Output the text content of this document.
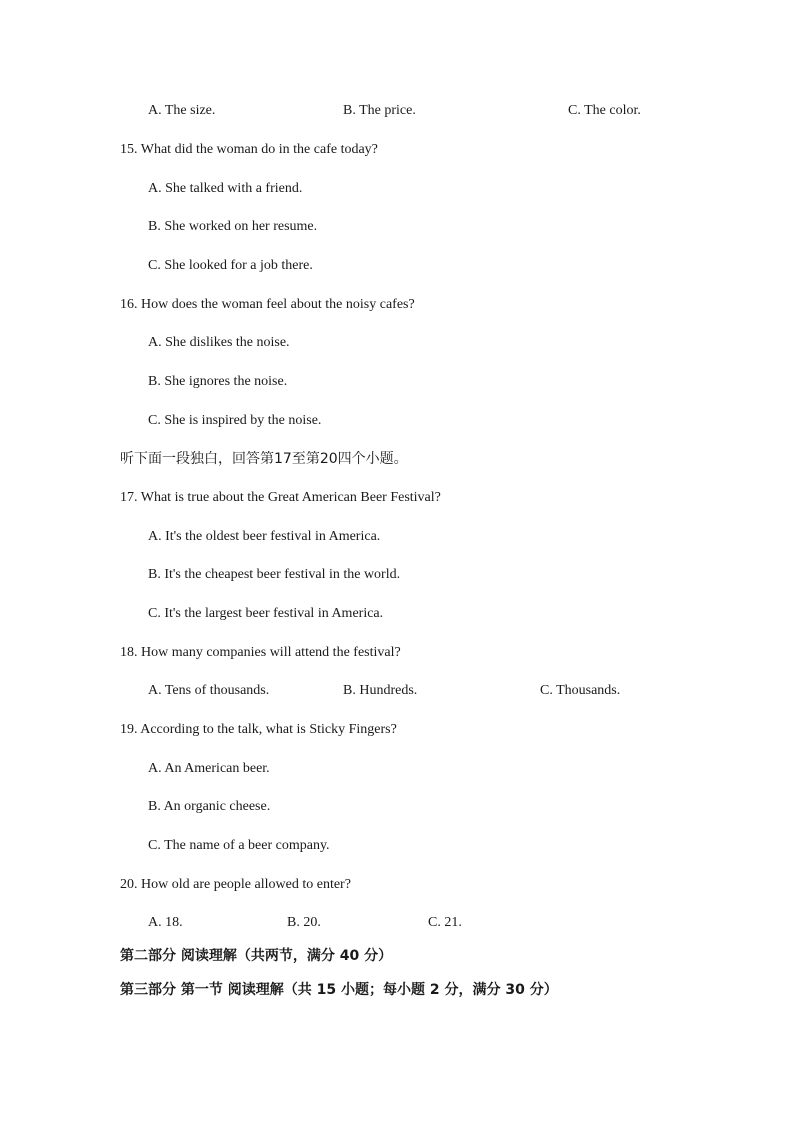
A. The size.	B. The price.	C. The color.
15. What did the woman do in the cafe today?
A. She talked with a friend.
B. She worked on her resume.
C. She looked for a job there.
16. How does the woman feel about the noisy cafes?
A. She dislikes the noise.
B. She ignores the noise.
C. She is inspired by the noise.
听下面一段独白，回答第17至第20四个小题。
17. What is true about the Great American Beer Festival?
A. It's the oldest beer festival in America.
B. It's the cheapest beer festival in the world.
C. It's the largest beer festival in America.
18. How many companies will attend the festival?
A. Tens of thousands.	B. Hundreds.	C. Thousands.
19. According to the talk, what is Sticky Fingers?
A. An American beer.
B. An organic cheese.
C. The name of a beer company.
20. How old are people allowed to enter?
A. 18.	B. 20.	C. 21.
第二部分 阅读理解（共两节，满分 40 分）
第三部分 第一节 阅读理解（共 15 小题；每小题 2 分，满分 30 分）
